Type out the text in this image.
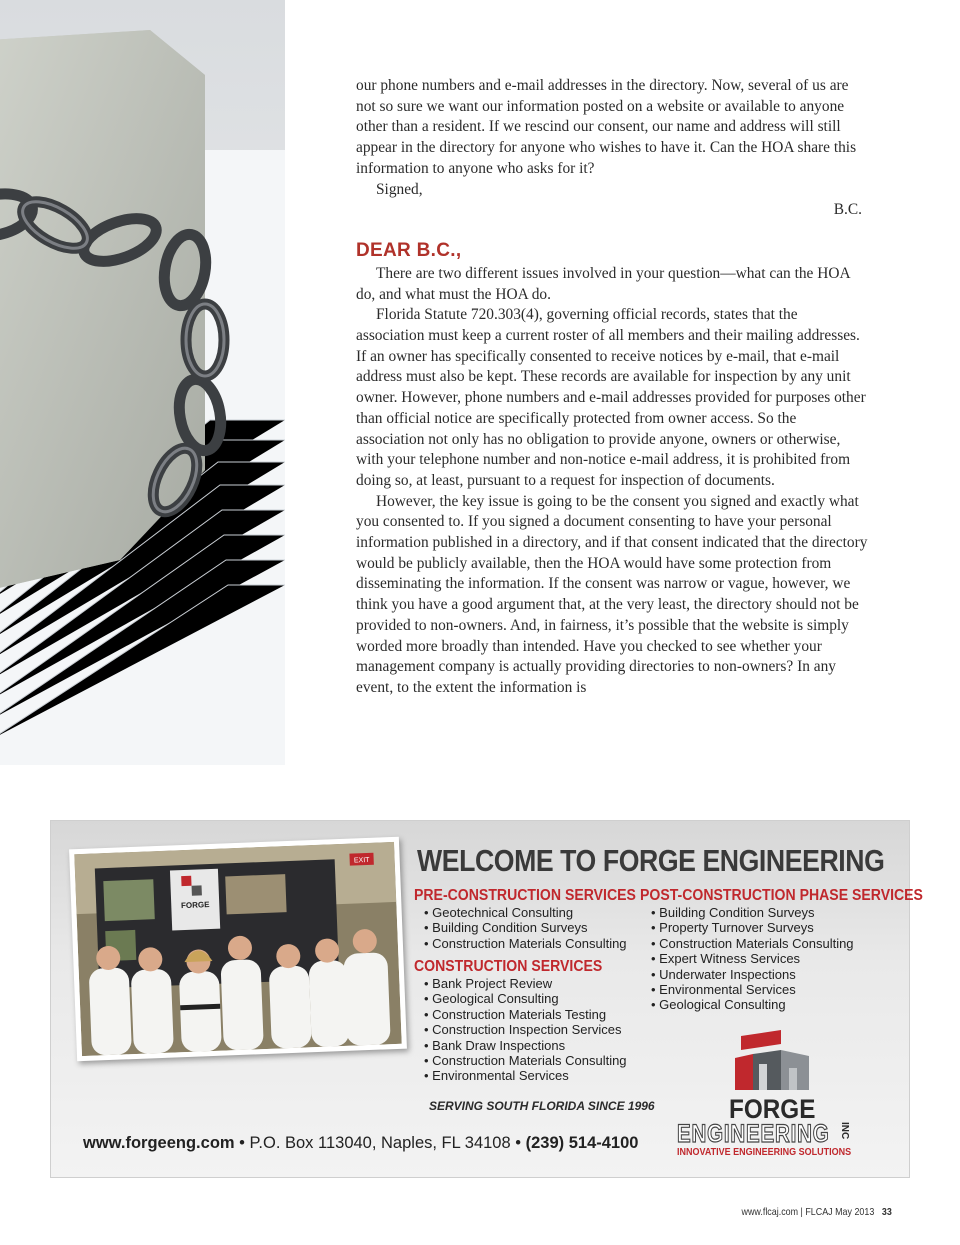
our phone numbers and e-mail addresses in the directory. Now, several of us are not so sure we want our information posted on a website or available to anyone other than a resident. If we rescind our consent, our name and address will still appear in the directory for anyone who wishes to have it. Can the HOA share this information to anyone who asks for it?

Signed,

B.C.

DEAR B.C.,

There are two different issues involved in your question—what can the HOA do, and what must the HOA do.

Florida Statute 720.303(4), governing official records, states that the association must keep a current roster of all members and their mailing addresses. If an owner has specifically consented to receive notices by e-mail, that e-mail address must also be kept. These records are available for inspection by any unit owner. However, phone numbers and e-mail addresses provided for purposes other than official notice are specifically protected from owner access. So the association not only has no obligation to provide anyone, owners or otherwise, with your telephone number and non-notice e-mail address, it is prohibited from doing so, at least, pursuant to a request for inspection of documents.

However, the key issue is going to be the consent you signed and exactly what you consented to. If you signed a document consenting to have your personal information published in a directory, and if that consent indicated that the directory would be publicly available, then the HOA would have some protection from disseminating the information. If the consent was narrow or vague, however, we think you have a good argument that, at the very least, the directory should not be provided to non-owners. And, in fairness, it’s possible that the website is simply worded more broadly than intended. Have you checked to see whether your management company is actually providing directories to non-owners? In any event, to the extent the information is

FORGE
EXIT WELCOME TO FORGE ENGINEERING
PRE-CONSTRUCTION SERVICES
• Geotechnical Consulting
• Building Condition Surveys
• Construction Materials Consulting
CONSTRUCTION SERVICES
• Bank Project Review
• Geological Consulting
• Construction Materials Testing
• Construction Inspection Services
• Bank Draw Inspections
• Construction Materials Consulting
• Environmental Services
POST-CONSTRUCTION PHASE SERVICES
• Building Condition Surveys
• Property Turnover Surveys
• Construction Materials Consulting
• Expert Witness Services
• Underwater Inspections
• Environmental Services
• Geological Consulting
SERVING SOUTH FLORIDA SINCE 1996
www.forgeeng.com • P.O. Box 113040, Naples, FL 34108 • (239) 514-4100
FORGE
ENGINEERING INC
INNOVATIVE ENGINEERING SOLUTIONS
www.flcaj.com | FLCAJ May 2013 33
